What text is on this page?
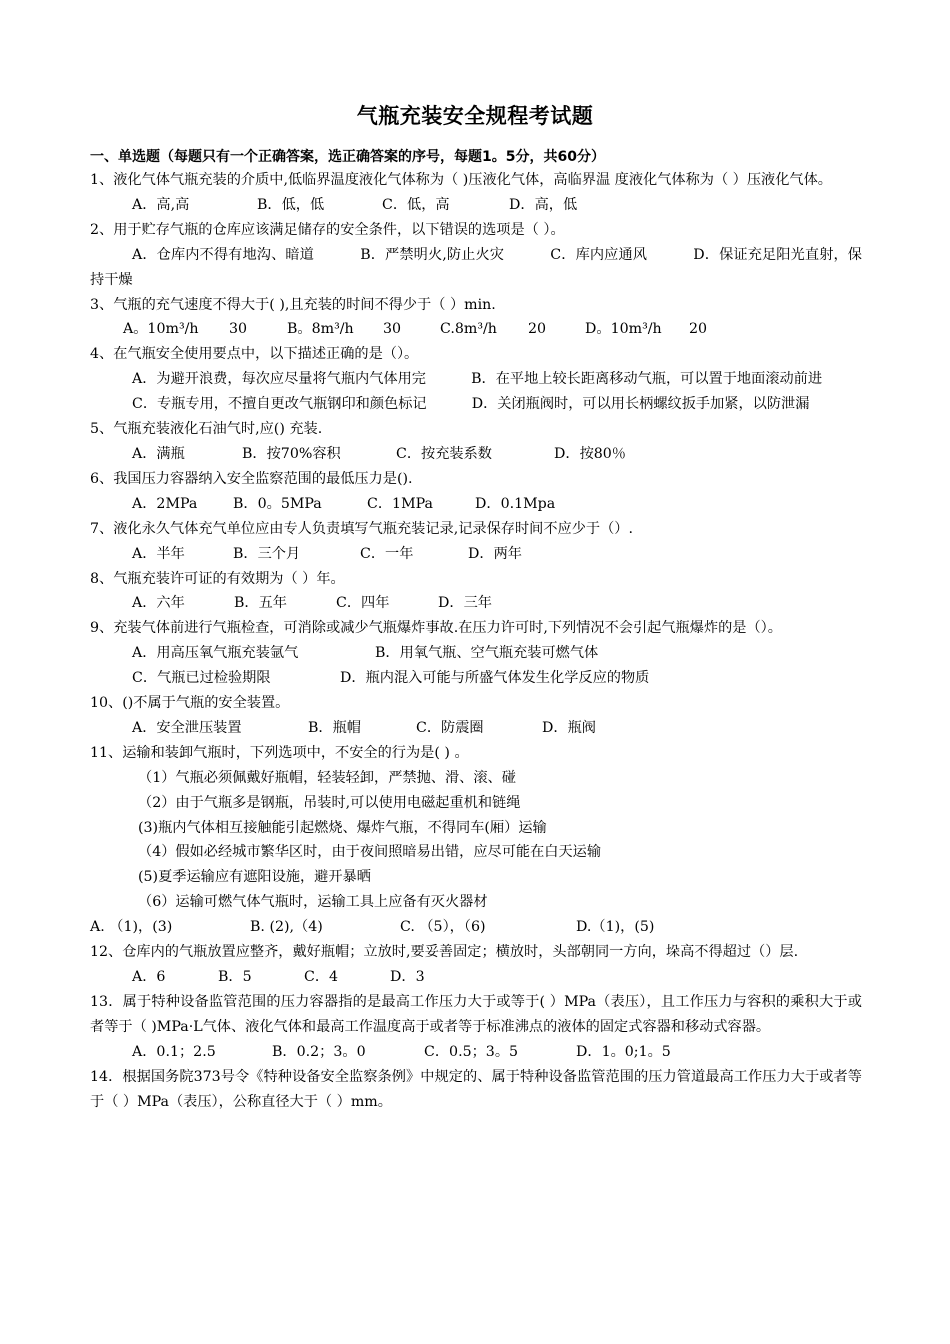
气瓶充装安全规程考试题
一、单选题（每题只有一个正确答案，选正确答案的序号，每题1。5分，共60分）
1、液化气体气瓶充装的介质中,低临界温度液化气体称为（ )压液化气体，高临界温 度液化气体称为（ ）压液化气体。
A．高,高	B．低，低	C．低，高	D．高，低
2、用于贮存气瓶的仓库应该满足储存的安全条件，以下错误的选项是（ ）。
A．仓库内不得有地沟、暗道          B．严禁明火,防止火灾          C．库内应通风          D．保证充足阳光直射，保持干燥
3、气瓶的充气速度不得大于( ),且充装的时间不得少于（ ）min.
A。10m³/h	30	B。8m³/h	30	C.8m³/h	20	D。10m³/h	20
4、在气瓶安全使用要点中，以下描述正确的是（）。
A．为避开浪费，每次应尽量将气瓶内气体用完          B．在平地上较长距离移动气瓶，可以置于地面滚动前进
C．专瓶专用，不擅自更改气瓶钢印和颜色标记          D．关闭瓶阀时，可以用长柄螺纹扳手加紧，以防泄漏
5、气瓶充装液化石油气时,应() 充装.
A．满瓶	B．按70%容积	C．按充装系数	D．按80％
6、我国压力容器纳入安全监察范围的最低压力是().
A．2MPa	B．0。5MPa	C．1MPa	D．0.1Mpa
7、液化永久气体充气单位应由专人负责填写气瓶充装记录,记录保存时间不应少于（）.
A．半年	B．三个月	C．一年	D．两年
8、气瓶充装许可证的有效期为（ ）年。
A．六年	B．五年	C．四年	D．三年
9、充装气体前进行气瓶检查，可消除或减少气瓶爆炸事故.在压力许可时,下列情况不会引起气瓶爆炸的是（）。
A．用高压氧气瓶充装氩气	B．用氧气瓶、空气瓶充装可燃气体
C．气瓶已过检验期限	D．瓶内混入可能与所盛气体发生化学反应的物质
10、()不属于气瓶的安全装置。
A．安全泄压装置	B．瓶帽	C．防震圈	D．瓶阀
11、运输和装卸气瓶时，下列选项中，不安全的行为是( ) 。
（1）气瓶必须佩戴好瓶帽，轻装轻卸，严禁抛、滑、滚、碰
（2）由于气瓶多是钢瓶，吊装时,可以使用电磁起重机和链绳
(3)瓶内气体相互接触能引起燃烧、爆炸气瓶，不得同车(厢）运输
（4）假如必经城市繁华区时，由于夜间照暗易出错，应尽可能在白天运输
(5)夏季运输应有遮阳设施，避开暴晒
（6）运输可燃气体气瓶时，运输工具上应备有灭火器材
A. （1)，(3)	B. (2),（4)	C. （5），（6)	D.（1)，(5)
12、仓库内的气瓶放置应整齐，戴好瓶帽；立放时,要妥善固定；横放时，头部朝同一方向，垛高不得超过（）层.
A．6	B．5	C．4	D．3
13．属于特种设备监管范围的压力容器指的是最高工作压力大于或等于( ）MPa（表压），且工作压力与容积的乘积大于或者等于（ )MPa·L气体、液化气体和最高工作温度高于或者等于标准沸点的液体的固定式容器和移动式容器。
A．0.1；2.5	B．0.2；3。0	C．0.5；3。5	D．1。0;1。5
14．根据国务院373号令《特种设备安全监察条例》中规定的、属于特种设备监管范围的压力管道最高工作压力大于或者等于（ ）MPa（表压），公称直径大于（ ）mm。
